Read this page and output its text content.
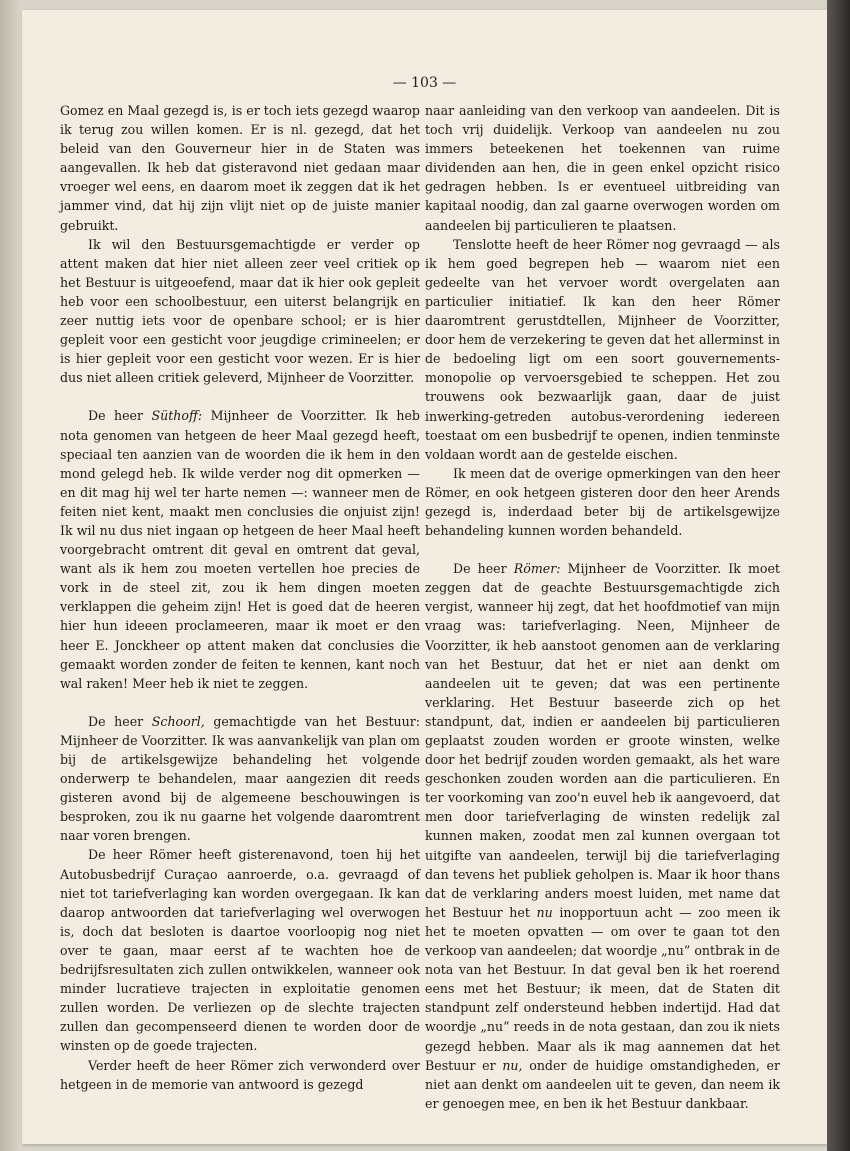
— 103 —

Gomez en Maal gezegd is, is er toch iets gezegd waarop ik terug zou willen komen. Er is nl. gezegd, dat het beleid van den Gouverneur hier in de Staten was aangevallen. Ik heb dat gisteravond niet gedaan maar vroeger wel eens, en daarom moet ik zeggen dat ik het jammer vind, dat hij zijn vlijt niet op de juiste manier gebruikt.

Ik wil den Bestuursgemachtigde er verder op attent maken dat hier niet alleen zeer veel critiek op het Bestuur is uitgeoefend, maar dat ik hier ook gepleit heb voor een schoolbestuur, een uiterst belangrijk en zeer nuttig iets voor de openbare school; er is hier gepleit voor een gesticht voor jeugdige crimineelen; er is hier gepleit voor een gesticht voor wezen. Er is hier dus niet alleen critiek geleverd, Mijnheer de Voorzitter.

De heer Süthoff: Mijnheer de Voorzitter. Ik heb nota genomen van hetgeen de heer Maal gezegd heeft, speciaal ten aanzien van de woorden die ik hem in den mond gelegd heb. Ik wilde verder nog dit opmerken — en dit mag hij wel ter harte nemen —: wanneer men de feiten niet kent, maakt men conclusies die onjuist zijn! Ik wil nu dus niet ingaan op hetgeen de heer Maal heeft voorgebracht omtrent dit geval en omtrent dat geval, want als ik hem zou moeten vertellen hoe precies de vork in de steel zit, zou ik hem dingen moeten verklappen die geheim zijn! Het is goed dat de heeren hier hun ideeen proclameeren, maar ik moet er den heer E. Jonckheer op attent maken dat conclusies die gemaakt worden zonder de feiten te kennen, kant noch wal raken! Meer heb ik niet te zeggen.

De heer Schoorl, gemachtigde van het Bestuur: Mijnheer de Voorzitter. Ik was aanvankelijk van plan om bij de artikelsgewijze behandeling het volgende onderwerp te behandelen, maar aangezien dit reeds gisteren avond bij de algemeene beschouwingen is besproken, zou ik nu gaarne het volgende daaromtrent naar voren brengen.

De heer Römer heeft gisterenavond, toen hij het Autobusbedrijf Curaçao aanroerde, o.a. gevraagd of niet tot tariefverlaging kan worden overgegaan. Ik kan daarop antwoorden dat tariefverlaging wel overwogen is, doch dat besloten is daartoe voorloopig nog niet over te gaan, maar eerst af te wachten hoe de bedrijfsresultaten zich zullen ontwikkelen, wanneer ook minder lucratieve trajecten in exploitatie genomen zullen worden. De verliezen op de slechte trajecten zullen dan gecompenseerd dienen te worden door de winsten op de goede trajecten.

Verder heeft de heer Römer zich verwonderd over hetgeen in de memorie van antwoord is gezegd

naar aanleiding van den verkoop van aandeelen. Dit is toch vrij duidelijk. Verkoop van aandeelen nu zou immers beteekenen het toekennen van ruime dividenden aan hen, die in geen enkel opzicht risico gedragen hebben. Is er eventueel uitbreiding van kapitaal noodig, dan zal gaarne overwogen worden om aandeelen bij particulieren te plaatsen.

Tenslotte heeft de heer Römer nog gevraagd — als ik hem goed begrepen heb — waarom niet een gedeelte van het vervoer wordt overgelaten aan particulier initiatief. Ik kan den heer Römer daaromtrent gerustdtellen, Mijnheer de Voorzitter, door hem de verzekering te geven dat het allerminst in de bedoeling ligt om een soort gouvernements-monopolie op vervoersgebied te scheppen. Het zou trouwens ook bezwaarlijk gaan, daar de juist inwerking-getreden autobus-verordening iedereen toestaat om een busbedrijf te openen, indien tenminste voldaan wordt aan de gestelde eischen.

Ik meen dat de overige opmerkingen van den heer Römer, en ook hetgeen gisteren door den heer Arends gezegd is, inderdaad beter bij de artikelsgewijze behandeling kunnen worden behandeld.

De heer Römer: Mijnheer de Voorzitter. Ik moet zeggen dat de geachte Bestuursgemachtigde zich vergist, wanneer hij zegt, dat het hoofdmotief van mijn vraag was: tariefverlaging. Neen, Mijnheer de Voorzitter, ik heb aanstoot genomen aan de verklaring van het Bestuur, dat het er niet aan denkt om aandeelen uit te geven; dat was een pertinente verklaring. Het Bestuur baseerde zich op het standpunt, dat, indien er aandeelen bij particulieren geplaatst zouden worden er groote winsten, welke door het bedrijf zouden worden gemaakt, als het ware geschonken zouden worden aan die particulieren. En ter voorkoming van zoo'n euvel heb ik aangevoerd, dat men door tariefverlaging de winsten redelijk zal kunnen maken, zoodat men zal kunnen overgaan tot uitgifte van aandeelen, terwijl bij die tariefverlaging dan tevens het publiek geholpen is. Maar ik hoor thans dat de verklaring anders moest luiden, met name dat het Bestuur het nu inopportuun acht — zoo meen ik het te moeten opvatten — om over te gaan tot den verkoop van aandeelen; dat woordje „nu” ontbrak in de nota van het Bestuur. In dat geval ben ik het roerend eens met het Bestuur; ik meen, dat de Staten dit standpunt zelf ondersteund hebben indertijd. Had dat woordje „nu” reeds in de nota gestaan, dan zou ik niets gezegd hebben. Maar als ik mag aannemen dat het Bestuur er nu, onder de huidige omstandigheden, er niet aan denkt om aandeelen uit te geven, dan neem ik er genoegen mee, en ben ik het Bestuur dankbaar.
